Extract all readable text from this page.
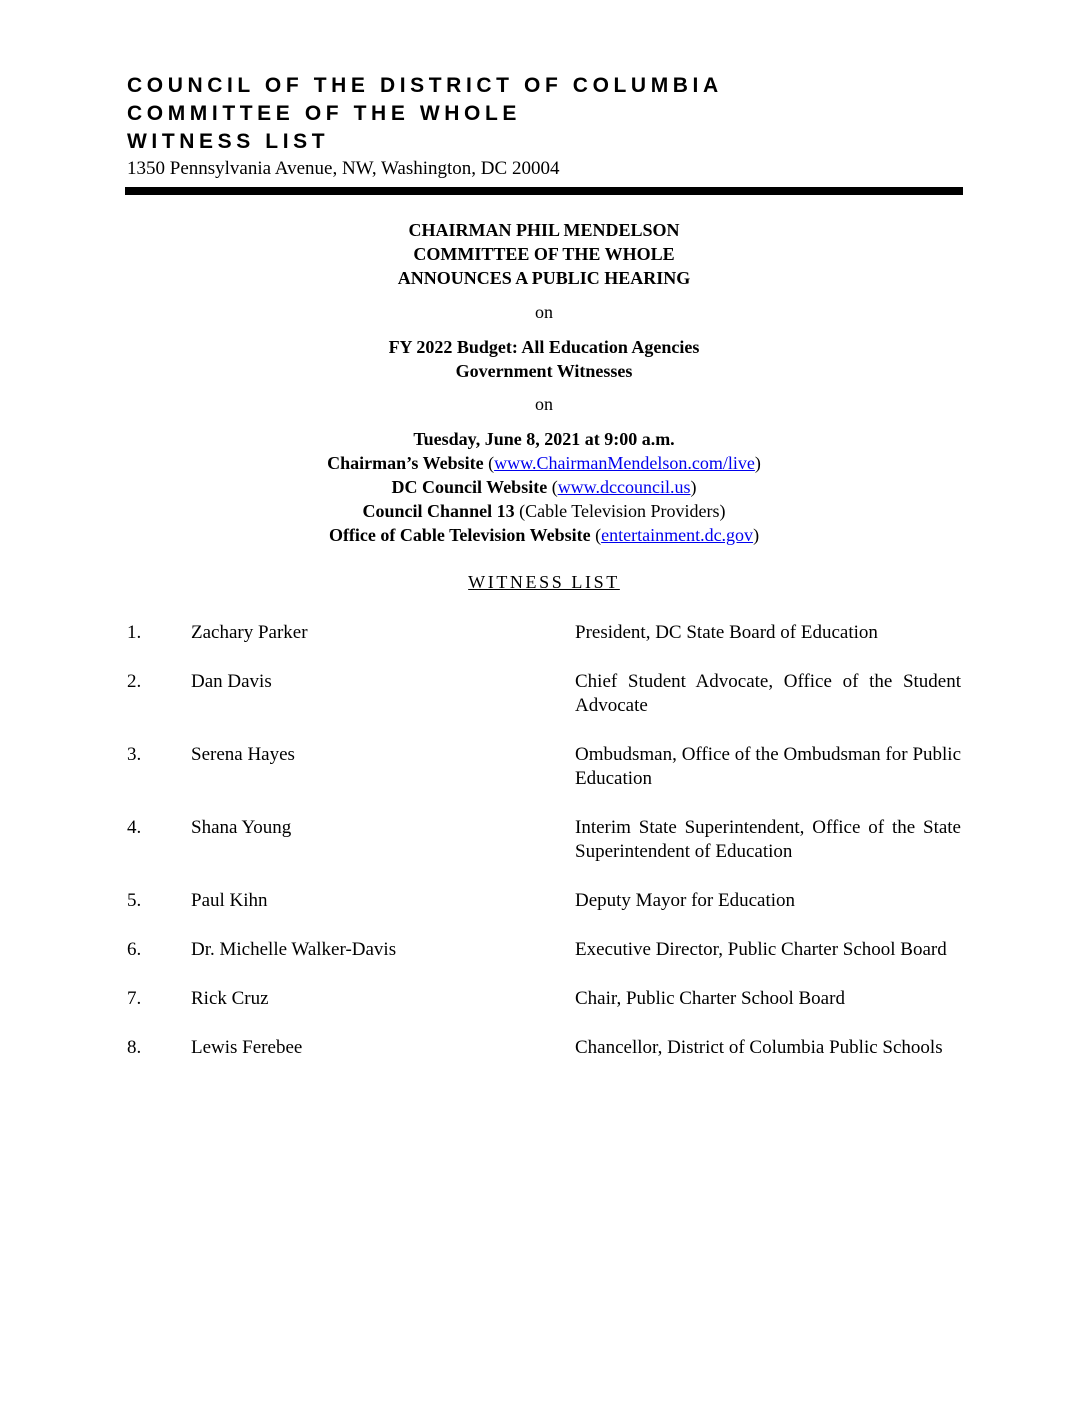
COUNCIL OF THE DISTRICT OF COLUMBIA
COMMITTEE OF THE WHOLE
WITNESS LIST
1350 Pennsylvania Avenue, NW, Washington, DC 20004
CHAIRMAN PHIL MENDELSON
COMMITTEE OF THE WHOLE
ANNOUNCES A PUBLIC HEARING
on
FY 2022 Budget: All Education Agencies
Government Witnesses
on
Tuesday, June 8, 2021 at 9:00 a.m.
Chairman’s Website (www.ChairmanMendelson.com/live)
DC Council Website (www.dccouncil.us)
Council Channel 13 (Cable Television Providers)
Office of Cable Television Website (entertainment.dc.gov)
WITNESS LIST
1.	Zachary Parker	President, DC State Board of Education
2.	Dan Davis	Chief Student Advocate, Office of the Student Advocate
3.	Serena Hayes	Ombudsman, Office of the Ombudsman for Public Education
4.	Shana Young	Interim State Superintendent, Office of the State Superintendent of Education
5.	Paul Kihn	Deputy Mayor for Education
6.	Dr. Michelle Walker-Davis	Executive Director, Public Charter School Board
7.	Rick Cruz	Chair, Public Charter School Board
8.	Lewis Ferebee	Chancellor, District of Columbia Public Schools
